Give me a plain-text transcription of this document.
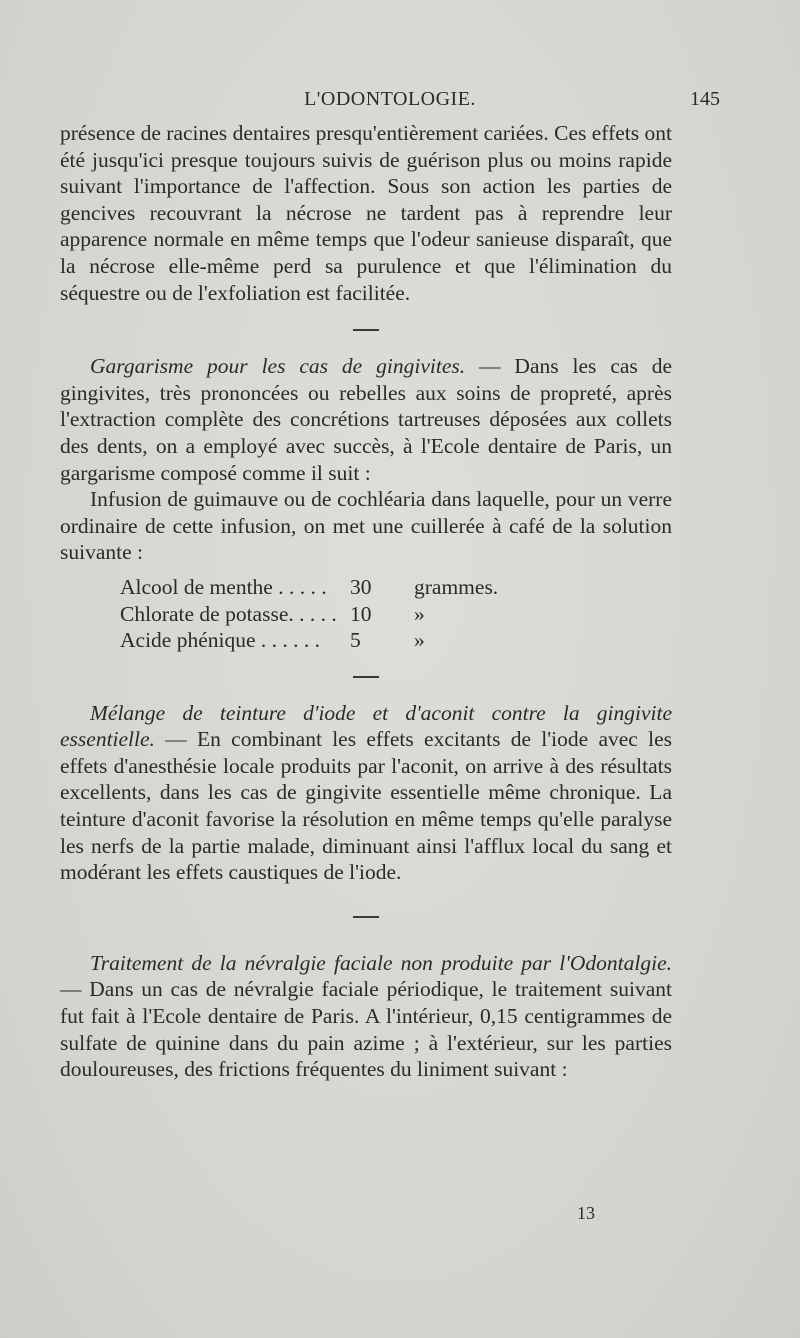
L'ODONTOLOGIE.	145

présence de racines dentaires presqu'entièrement cariées. Ces effets ont été jusqu'ici presque toujours suivis de guérison plus ou moins rapide suivant l'importance de l'affection. Sous son action les parties de gencives recouvrant la nécrose ne tardent pas à reprendre leur apparence normale en même temps que l'odeur sanieuse disparaît, que la nécrose elle-même perd sa purulence et que l'élimination du séquestre ou de l'exfoliation est facilitée.

Gargarisme pour les cas de gingivites. — Dans les cas de gingivites, très prononcées ou rebelles aux soins de propreté, après l'extraction complète des concrétions tartreuses déposées aux collets des dents, on a employé avec succès, à l'Ecole dentaire de Paris, un gargarisme composé comme il suit :

Infusion de guimauve ou de cochléaria dans laquelle, pour un verre ordinaire de cette infusion, on met une cuillerée à café de la solution suivante :

Alcool de menthe . . . . .	30	grammes.
Chlorate de potasse. . . . .	10	»
Acide phénique . . . . . .	5	»

Mélange de teinture d'iode et d'aconit contre la gingivite essentielle. — En combinant les effets excitants de l'iode avec les effets d'anesthésie locale produits par l'aconit, on arrive à des résultats excellents, dans les cas de gingivite essentielle même chronique. La teinture d'aconit favorise la résolution en même temps qu'elle paralyse les nerfs de la partie malade, diminuant ainsi l'afflux local du sang et modérant les effets caustiques de l'iode.

Traitement de la névralgie faciale non produite par l'Odontalgie. — Dans un cas de névralgie faciale périodique, le traitement suivant fut fait à l'Ecole dentaire de Paris. A l'intérieur, 0,15 centigrammes de sulfate de quinine dans du pain azime ; à l'extérieur, sur les parties douloureuses, des frictions fréquentes du liniment suivant :

13
